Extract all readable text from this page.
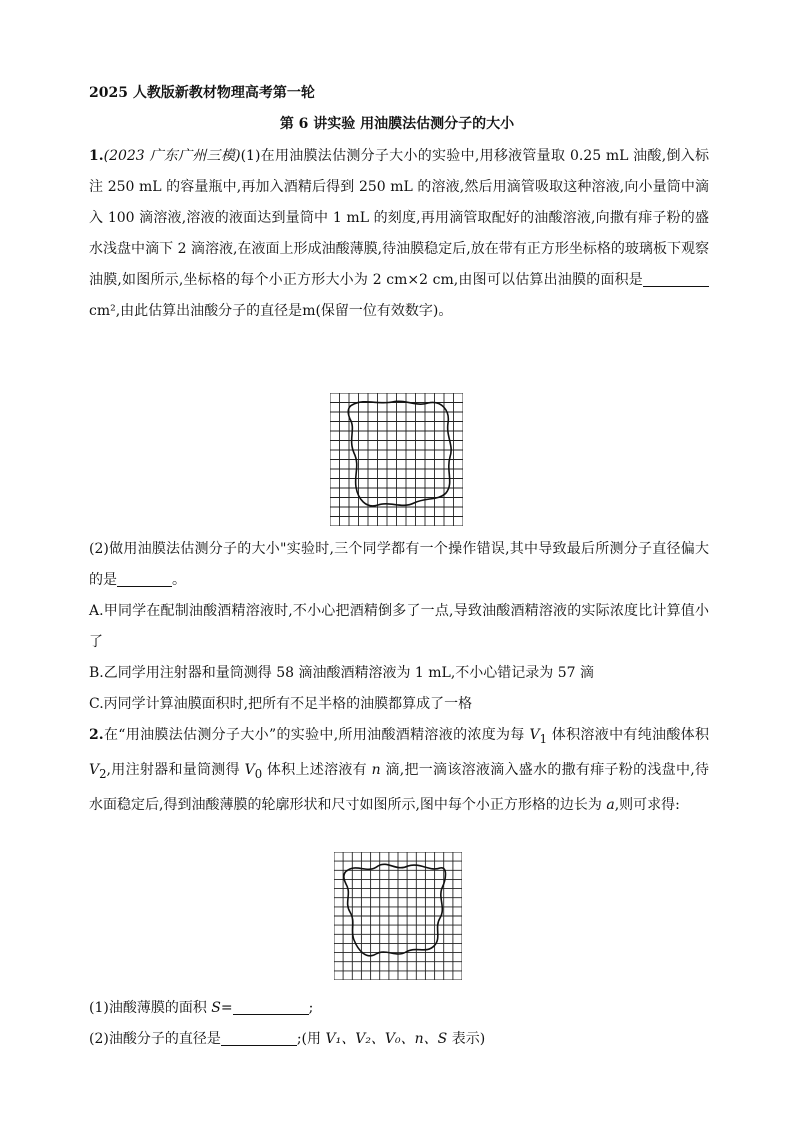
2025 人教版新教材物理高考第一轮
第 6 讲实验 用油膜法估测分子的大小
1.(2023 广东广州三模)(1)在用油膜法估测分子大小的实验中,用移液管量取 0.25 mL 油酸,倒入标注 250 mL 的容量瓶中,再加入酒精后得到 250 mL 的溶液,然后用滴管吸取这种溶液,向小量筒中滴入 100 滴溶液,溶液的液面达到量筒中 1 mL 的刻度,再用滴管取配好的油酸溶液,向撒有痱子粉的盛水浅盘中滴下 2 滴溶液,在液面上形成油酸薄膜,待油膜稳定后,放在带有正方形坐标格的玻璃板下观察油膜,如图所示,坐标格的每个小正方形大小为 2 cm×2 cm,由图可以估算出油膜的面积是 cm²,由此估算出油酸分子的直径是m(保留一位有效数字)。
(2)做用油膜法估测分子的大小"实验时,三个同学都有一个操作错误,其中导致最后所测分子直径偏大的是	。
A.甲同学在配制油酸酒精溶液时,不小心把酒精倒多了一点,导致油酸酒精溶液的实际浓度比计算值小了
B.乙同学用注射器和量筒测得 58 滴油酸酒精溶液为 1 mL,不小心错记录为 57 滴
C.丙同学计算油膜面积时,把所有不足半格的油膜都算成了一格
2.在“用油膜法估测分子大小”的实验中,所用油酸酒精溶液的浓度为每 $V_1$ 体积溶液中有纯油酸体积 $V_2$,用注射器和量筒测得 $V_0$ 体积上述溶液有 n 滴,把一滴该溶液滴入盛水的撒有痱子粉的浅盘中,待水面稳定后,得到油酸薄膜的轮廓形状和尺寸如图所示,图中每个小正方形格的边长为 a,则可求得:
(1)油酸薄膜的面积 S=	;
(2)油酸分子的直径是	;(用 V₁、V₂、V₀、n、S 表示)
